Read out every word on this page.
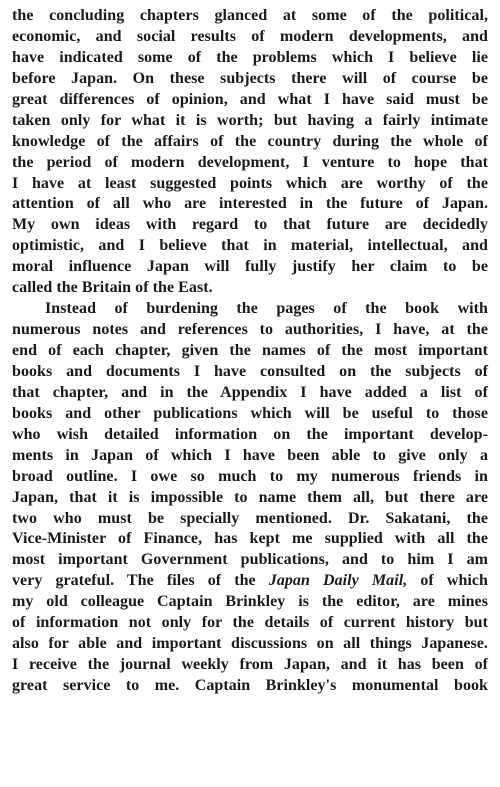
the concluding chapters glanced at some of the political,
economic, and social results of modern developments, and
have indicated some of the problems which I believe lie
before Japan. On these subjects there will of course be
great differences of opinion, and what I have said must be
taken only for what it is worth; but having a fairly intimate
knowledge of the affairs of the country during the whole of
the period of modern development, I venture to hope that
I have at least suggested points which are worthy of the
attention of all who are interested in the future of Japan.
My own ideas with regard to that future are decidedly
optimistic, and I believe that in material, intellectual, and
moral influence Japan will fully justify her claim to be
called the Britain of the East.
Instead of burdening the pages of the book with
numerous notes and references to authorities, I have, at the
end of each chapter, given the names of the most important
books and documents I have consulted on the subjects of
that chapter, and in the Appendix I have added a list of
books and other publications which will be useful to those
who wish detailed information on the important develop-
ments in Japan of which I have been able to give only a
broad outline. I owe so much to my numerous friends in
Japan, that it is impossible to name them all, but there are
two who must be specially mentioned. Dr. Sakatani, the
Vice-Minister of Finance, has kept me supplied with all the
most important Government publications, and to him I am
very grateful. The files of the Japan Daily Mail, of which
my old colleague Captain Brinkley is the editor, are mines
of information not only for the details of current history but
also for able and important discussions on all things Japanese.
I receive the journal weekly from Japan, and it has been of
great service to me. Captain Brinkley's monumental book
